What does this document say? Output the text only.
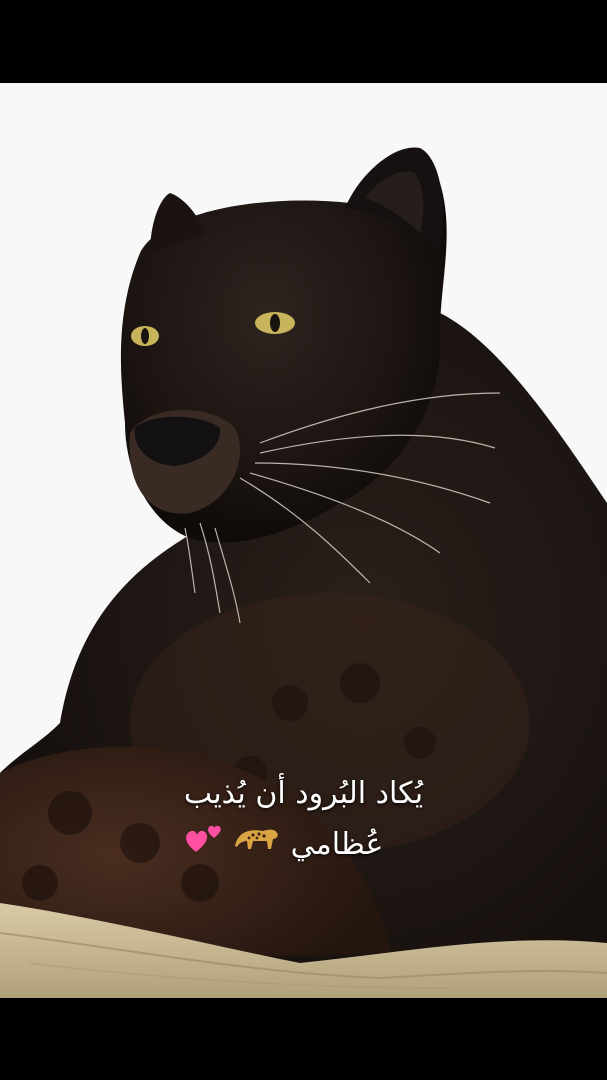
يُكاد البُرود أن يُذيب
عُظامي
